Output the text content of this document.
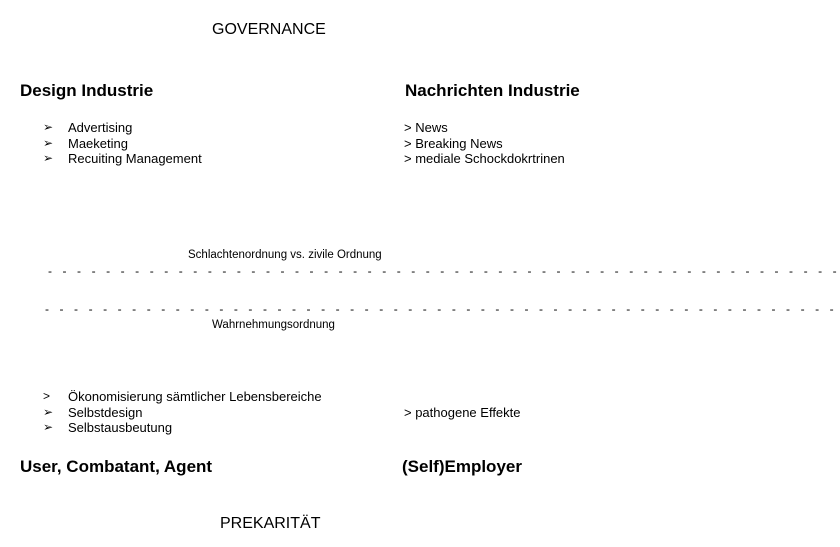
GOVERNANCE
Design Industrie	Nachrichten Industrie
➢ Advertising
➢ Maeketing
➢ Recuiting Management
> News
> Breaking News
> mediale Schockdokrtrinen
Schlachtenordnung vs. zivile Ordnung
- - - - - - - - - - - - - - - - - - - - - - - - - - - - - - - - - - - - - - - - - - - - - - - - - - - - - - -
- - - - - - - - - - - - - - - - - - - - - - - - - - - - - - - - - - - - - - - - - - - - - - - - - - - - - - -
Wahrnehmungsordnung
> Ökonomisierung sämtlicher Lebensbereiche
➢ Selbstdesign
➢ Selbstausbeutung
> pathogene Effekte
User, Combatant, Agent	(Self)Employer
PREKARITÄT
